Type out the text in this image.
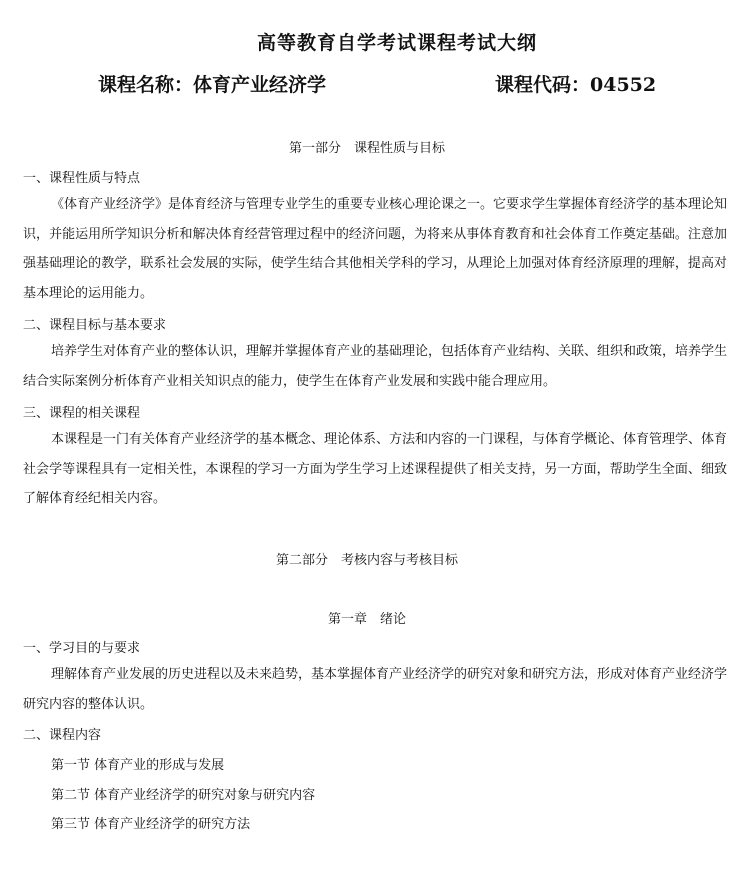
高等教育自学考试课程考试大纲
课程名称：体育产业经济学	课程代码：04552
第一部分　课程性质与目标
一、课程性质与特点
《体育产业经济学》是体育经济与管理专业学生的重要专业核心理论课之一。它要求学生掌握体育经济学的基本理论知识，并能运用所学知识分析和解决体育经营管理过程中的经济问题，为将来从事体育教育和社会体育工作奠定基础。注意加强基础理论的教学，联系社会发展的实际，使学生结合其他相关学科的学习，从理论上加强对体育经济原理的理解，提高对基本理论的运用能力。
二、课程目标与基本要求
培养学生对体育产业的整体认识，理解并掌握体育产业的基础理论，包括体育产业结构、关联、组织和政策，培养学生结合实际案例分析体育产业相关知识点的能力，使学生在体育产业发展和实践中能合理应用。
三、课程的相关课程
本课程是一门有关体育产业经济学的基本概念、理论体系、方法和内容的一门课程，与体育学概论、体育管理学、体育社会学等课程具有一定相关性，本课程的学习一方面为学生学习上述课程提供了相关支持，另一方面，帮助学生全面、细致了解体育经纪相关内容。
第二部分　考核内容与考核目标
第一章　绪论
一、学习目的与要求
理解体育产业发展的历史进程以及未来趋势，基本掌握体育产业经济学的研究对象和研究方法，形成对体育产业经济学研究内容的整体认识。
二、课程内容
第一节 体育产业的形成与发展
第二节 体育产业经济学的研究对象与研究内容
第三节 体育产业经济学的研究方法
